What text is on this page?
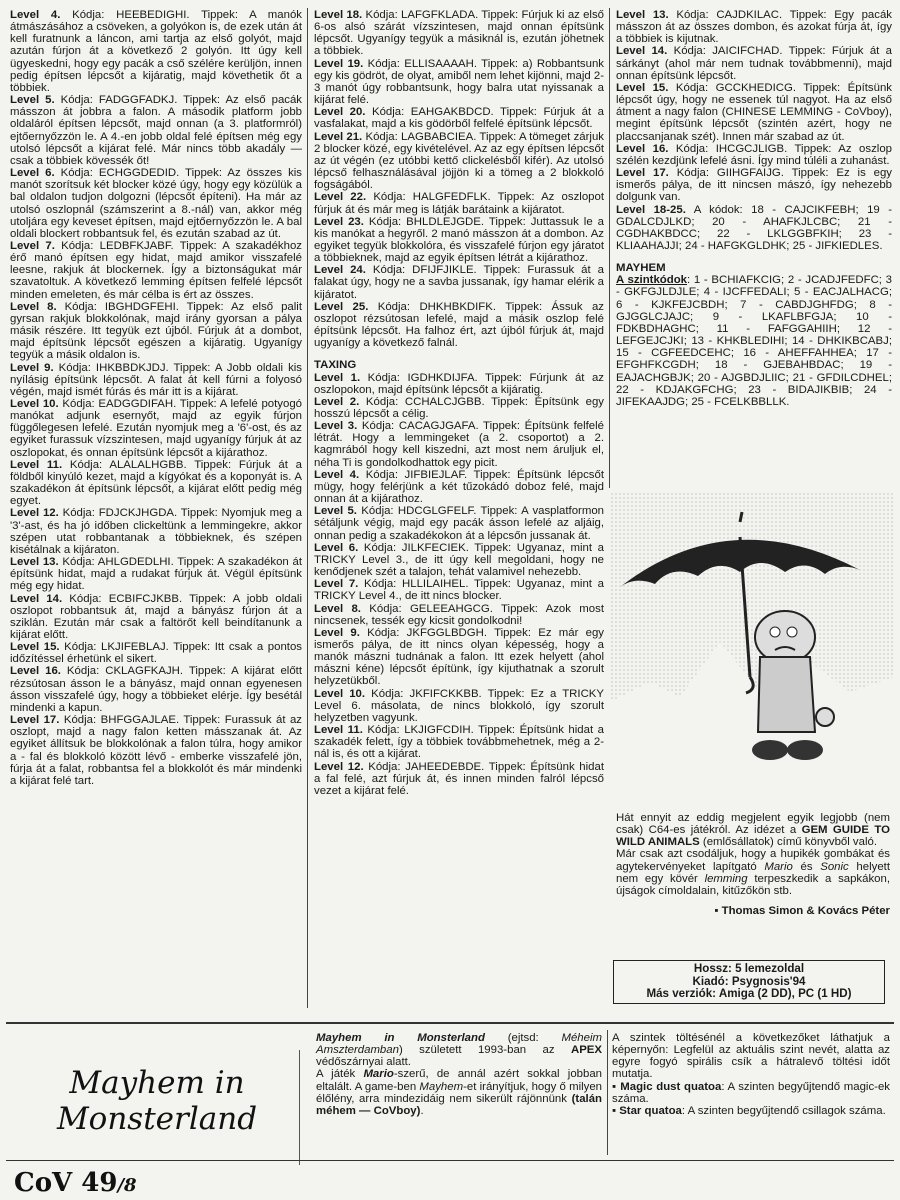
Level 4. Kódja: HEEBEDIGHI. Tippek: A manók átmászásához a csöveken, a golyókon is, de ezek után át kell furatnunk a láncon, ami tartja az első golyót, majd azután fúrjon át a következő 2 golyón. Itt úgy kell ügyeskedni, hogy egy pacák a cső szélére kerüljön, innen pedig építsen lépcsőt a kijáratig, majd követhetik őt a többiek.

Level 5. Kódja: FADGGFADKJ. Tippek: Az első pacák másszon át jobbra a falon. A második platform jobb oldaláról építsen lépcsőt, majd onnan (a 3. platformról) ejtőernyőzzön le. A 4.-en jobb oldal felé építsen még egy utolsó lépcsőt a kijárat felé. Már nincs több akadály — csak a többiek kövessék őt!

Level 6. Kódja: ECHGGDEDID. Tippek: Az összes kis manót szorítsuk két blocker közé úgy, hogy egy közülük a bal oldalon tudjon dolgozni (lépcsőt építeni). Ha már az utolsó oszlopnál (számszerint a 8.-nál) van, akkor még utoljára egy keveset építsen, majd ejtőernyőzzön le. A bal oldali blockert robbantsuk fel, és ezután szabad az út.

Level 7. Kódja: LEDBFKJABF. Tippek: A szakadékhoz érő manó építsen egy hidat, majd amikor visszafelé leesne, rakjuk át blockernek. Így a biztonságukat már szavatoltuk. A következő lemming építsen felfelé lépcsőt minden emeleten, és már célba is ért az összes.

Level 8. Kódja: IBGHDGFEHI. Tippek: Az első palit gyrsan rakjuk blokkolónak, majd irány gyorsan a pálya másik részére. Itt tegyük ezt újból. Fúrjuk át a dombot, majd építsünk lépcsőt egészen a kijáratig. Ugyanígy tegyük a másik oldalon is.

Level 9. Kódja: IHKBBDKJDJ. Tippek: A Jobb oldali kis nyílásig építsünk lépcsőt. A falat át kell fúrni a folyosó végén, majd ismét fúrás és már itt is a kijárat.

Level 10. Kódja: EADGGDIFAH. Tippek: A lefelé potyogó manókat adjunk esernyőt, majd az egyik fúrjon függőlegesen lefelé. Ezután nyomjuk meg a '6'-ost, és az egyiket furassuk vízszintesen, majd ugyanígy fúrjuk át az oszlopokat, és onnan építsünk lépcsőt a kijárathoz.

Level 11. Kódja: ALALALHGBB. Tippek: Fúrjuk át a földből kinyúló kezet, majd a kígyókat és a koponyát is. A szakadékon át építsünk lépcsőt, a kijárat előtt pedig még egyet.

Level 12. Kódja: FDJCKJHGDA. Tippek: Nyomjuk meg a '3'-ast, és ha jó időben clickeltünk a lemmingekre, akkor szépen utat robbantanak a többieknek, és szépen kisétálnak a kijáraton.

Level 13. Kódja: AHLGDEDLHI. Tippek: A szakadékon át építsünk hidat, majd a rudakat fúrjuk át. Végül építsünk még egy hidat.

Level 14. Kódja: ECBIFCJKBB. Tippek: A jobb oldali oszlopot robbantsuk át, majd a bányász fúrjon át a sziklán. Ezután már csak a faltörőt kell beindítanunk a kijárat előtt.

Level 15. Kódja: LKJIFEBLAJ. Tippek: Itt csak a pontos időzítéssel érhetünk el sikert.

Level 16. Kódja: CKLAGFKAJH. Tippek: A kijárat előtt rézsútosan ásson le a bányász, majd onnan egyenesen ásson visszafelé úgy, hogy a többieket elérje. Így besétál mindenki a kapun.

Level 17. Kódja: BHFGGAJLAE. Tippek: Furassuk át az oszlopt, majd a nagy falon ketten másszanak át. Az egyiket állítsuk be blokkolónak a falon túlra, hogy amikor a - fal és blokkoló között lévő - emberke visszafelé jön, fúrja át a falat, robbantsa fel a blokkolót és már mindenki a kijárat felé tart.

Level 18. Kódja: LAFGFKLADA. Tippek: Fúrjuk ki az első 6-os alsó szárát vízszintesen, majd onnan építsünk lépcsőt. Ugyanígy tegyük a másiknál is, ezután jöhetnek a többiek.

Level 19. Kódja: ELLISAAAAH. Tippek: a) Robbantsunk egy kis gödröt, de olyat, amiből nem lehet kijönni, majd 2-3 manót úgy robbantsunk, hogy balra utat nyissanak a kijárat felé.

Level 20. Kódja: EAHGAKBDCD. Tippek: Fúrjuk át a vasfalakat, majd a kis gödörből felfelé építsünk lépcsőt.

Level 21. Kódja: LAGBABCIEA. Tippek: A tömeget zárjuk 2 blocker közé, egy kivételével. Az az egy építsen lépcsőt az út végén (ez utóbbi kettő clickelésből kifér). Az utolsó lépcső felhasználásával jöjjön ki a tömeg a 2 blokkoló fogságából.

Level 22. Kódja: HALGFEDFLK. Tippek: Az oszlopot fúrjuk át és már meg is látják barátaink a kijáratot.

Level 23. Kódja: BHLDLEJGDE. Tippek: Juttassuk le a kis manókat a hegyről. 2 manó másszon át a dombon. Az egyiket tegyük blokkolóra, és visszafelé fúrjon egy járatot a többieknek, majd az egyik építsen létrát a kijárathoz.

Level 24. Kódja: DFIJFJIKLE. Tippek: Furassuk át a falakat úgy, hogy ne a savba jussanak, így hamar elérik a kijáratot.

Level 25. Kódja: DHKHBKDIFK. Tippek: Ássuk az oszlopot rézsútosan lefelé, majd a másik oszlop felé építsünk lépcsőt. Ha falhoz ért, azt újból fúrjuk át, majd ugyanígy a következő falnál.

TAXING

Level 1. Kódja: IGDHKDIJFA. Tippek: Fúrjunk át az oszlopokon, majd építsünk lépcsőt a kijáratig.

Level 2. Kódja: CCHALCJGBB. Tippek: Építsünk egy hosszú lépcsőt a célig.

Level 3. Kódja: CACAGJGAFA. Tippek: Építsünk felfelé létrát. Hogy a lemmingeket (a 2. csoportot) a 2. kagmrából hogy kell kiszedni, azt most nem áruljuk el, néha Ti is gondolkodhattok egy picit.

Level 4. Kódja: JIFBIEJLAF. Tippek: Építsünk lépcsőt mügy, hogy felérjünk a két tűzokádó doboz felé, majd onnan át a kijárathoz.

Level 5. Kódja: HDCGLGFELF. Tippek: A vasplatformon sétáljunk végig, majd egy pacák ásson lefelé az aljáig, onnan pedig a szakadékokon át a lépcsőn jussanak át.

Level 6. Kódja: JILKFECIEK. Tippek: Ugyanaz, mint a TRICKY Level 3., de itt úgy kell megoldani, hogy ne kenődjenek szét a talajon, tehát valamivel nehezebb.

Level 7. Kódja: HLLILAIHEL. Tippek: Ugyanaz, mint a TRICKY Level 4., de itt nincs blocker.

Level 8. Kódja: GELEEAHGCG. Tippek: Azok most nincsenek, tessék egy kicsit gondolkodni!

Level 9. Kódja: JKFGGLBDGH. Tippek: Ez már egy ismerős pálya, de itt nincs olyan képesség, hogy a manók mászni tudnának a falon. Itt ezek helyett (ahol mászni kéne) lépcsőt építünk, így kijuthatnak a szorult helyzetükből.

Level 10. Kódja: JKFIFCKKBB. Tippek: Ez a TRICKY Level 6. másolata, de nincs blokkoló, így szorult helyzetben vagyunk.

Level 11. Kódja: LKJIGFCDIH. Tippek: Építsünk hidat a szakadék felett, így a többiek továbbmehetnek, még a 2-nál is, és ott a kijárat.

Level 12. Kódja: JAHEEDEBDE. Tippek: Építsünk hidat a fal felé, azt fúrjuk át, és innen minden falról lépcső vezet a kijárat felé.

Level 13. Kódja: CAJDKILAC. Tippek: Egy pacák másszon át az összes dombon, és azokat fúrja át, így a többiek is kijutnak.

Level 14. Kódja: JAICIFCHAD. Tippek: Fúrjuk át a sárkányt (ahol már nem tudnak továbbmenni), majd onnan építsünk lépcsőt.

Level 15. Kódja: GCCKHEDICG. Tippek: Építsünk lépcsőt úgy, hogy ne essenek túl nagyot. Ha az első átment a nagy falon (CHINESE LEMMING - CoVboy), megint építsünk lépcsőt (szintén azért, hogy ne placcsanjanak szét). Innen már szabad az út.

Level 16. Kódja: IHCGCJLIGB. Tippek: Az oszlop szélén kezdjünk lefelé ásni. Így mind túléli a zuhanást.

Level 17. Kódja: GIIHGFAIJG. Tippek: Ez is egy ismerős pálya, de itt nincsen mászó, így nehezebb dolgunk van.

Level 18-25. A kódok: 18 - CAJCIKFEBH; 19 - GDALCDJLKD; 20 - AHAFKJLCBC; 21 - CGDHAKBDCC; 22 - LKLGGBFKIH; 23 - KLIAAHAJJI; 24 - HAFGKGLDHK; 25 - JIFKIEDLES.

MAYHEM

A szintkódok: 1 - BCHIAFKCIG; 2 - JCADJFEDFC; 3 - GKFGJLDJLE; 4 - IJCFFEDALI; 5 - EACJALHACG; 6 - KJKFEJCBDH; 7 - CABDJGHFDG; 8 - GJGGLCJAJC; 9 - LKAFLBFGJA; 10 - FDKBDHAGHC; 11 - FAFGGAHIIH; 12 - LEFGEJCJKI; 13 - KHKBLEDIHI; 14 - DHKIKBCABJ; 15 - CGFEEDCEHC; 16 - AHEFFAHHEA; 17 - EFGHFKCGDH; 18 - GJEBAHBDAC; 19 - EAJACHGBJK; 20 - AJGBDJLIIC; 21 - GFDILCDHEL; 22 - KDJAKGFCHG; 23 - BIDAJIKBIB; 24 - JIFEKAAJDG; 25 - FCELKBBLLK.

Hát ennyit az eddig megjelent egyik legjobb (nem csak) C64-es játékról. Az idézet a GEM GUIDE TO WILD ANIMALS (emlősállatok) című könyvből való.

Már csak azt csodáljuk, hogy a hupikék gombákat és agytekervényeket lapítgató Mario és Sonic helyett nem egy kövér lemming terpeszkedik a sapkákon, újságok címoldalain, kitűzőkön stb.

▪ Thomas Simon & Kovács Péter

Hossz: 5 lemezoldal
Kiadó: Psygnosis'94
Más verziók: Amiga (2 DD), PC (1 HD)
Mayhem in
Monsterland

Mayhem in Monsterland (ejtsd: Méheim Amszterdamban) született 1993-ban az APEX védőszárnyai alatt.

A játék Mario-szerű, de annál azért sokkal jobban eltalált. A game-ben Mayhem-et irányítjuk, hogy ő milyen élőlény, arra mindezidáig nem sikerült rájönnünk (talán méhem — CoVboy).

A szintek töltésénél a következőket láthatjuk a képernyőn: Legfelül az aktuális szint nevét, alatta az egyre fogyó spirális csík a hátralevő töltési időt mutatja.

▪ Magic dust quatoa: A szinten begyűjtendő magic-ek száma.

▪ Star quatoa: A szinten begyűjtendő csillagok száma.

CoV 49/8
